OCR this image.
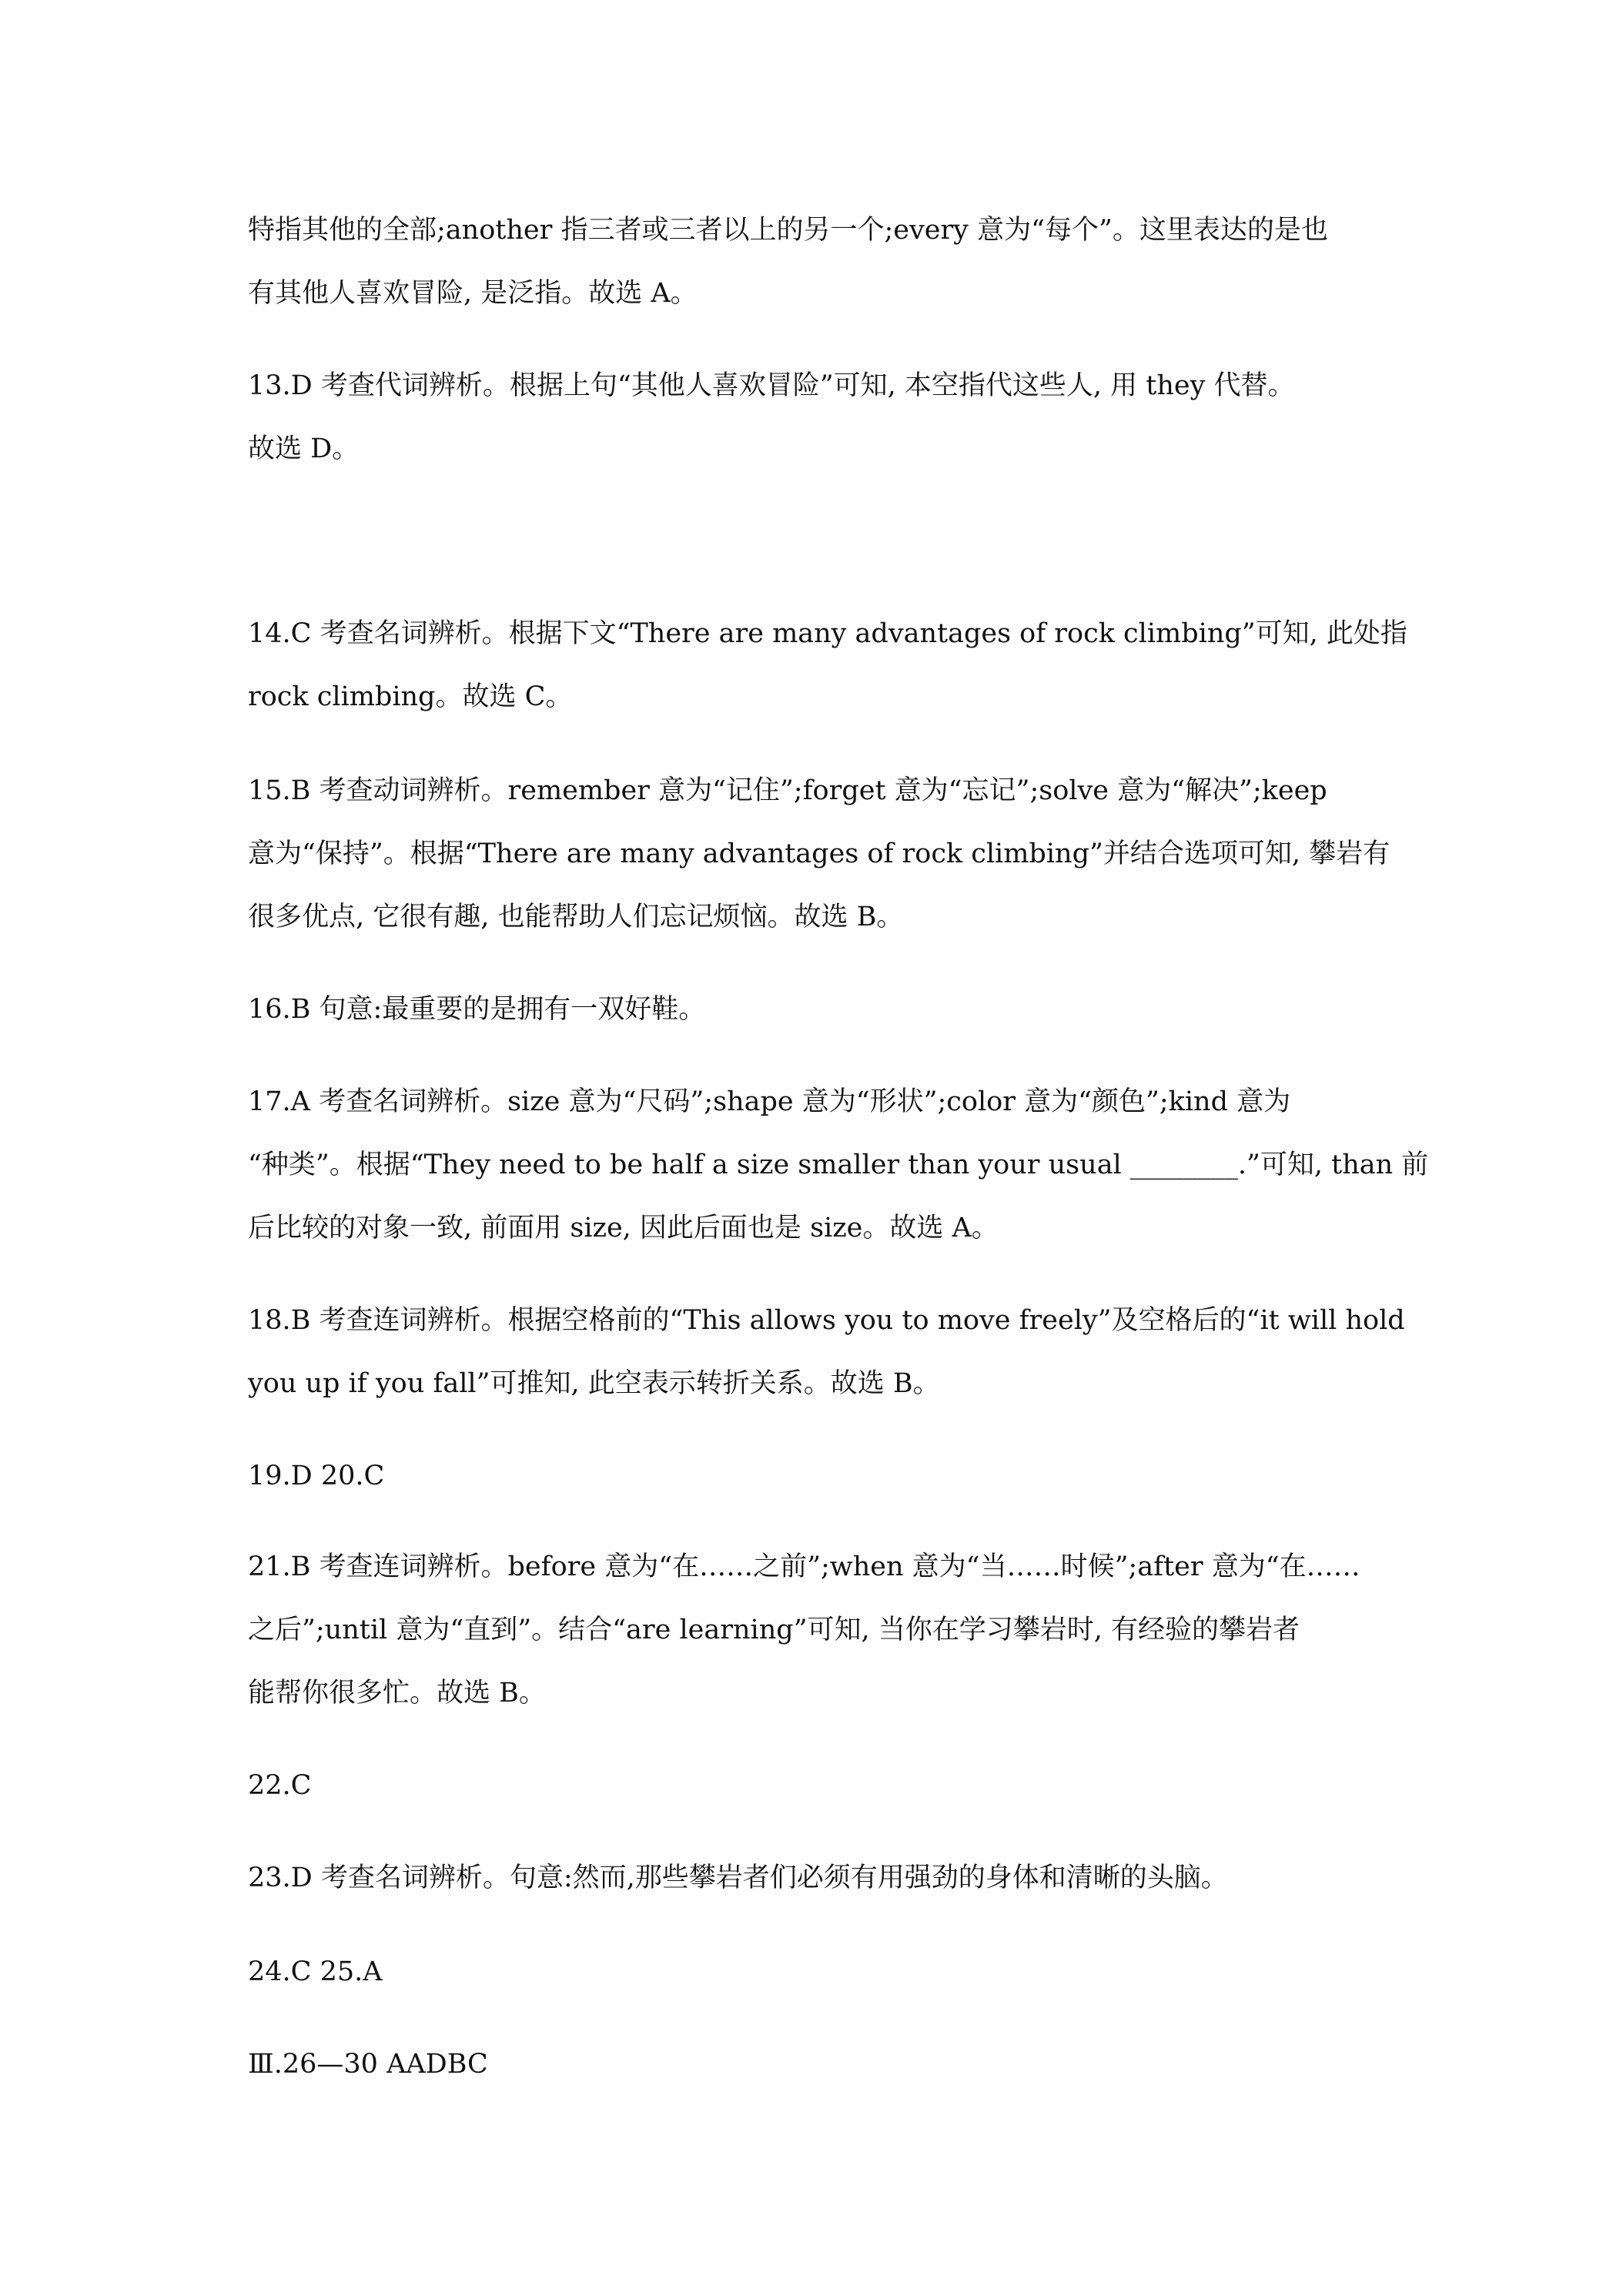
特指其他的全部;another 指三者或三者以上的另一个;every 意为“每个”。这里表达的是也
有其他人喜欢冒险, 是泛指。故选 A。
13.D 考查代词辨析。根据上句“其他人喜欢冒险”可知, 本空指代这些人, 用 they 代替。
故选 D。
14.C 考查名词辨析。根据下文“There are many advantages of rock climbing”可知, 此处指
rock climbing。故选 C。
15.B 考查动词辨析。remember 意为“记住”;forget 意为“忘记”;solve 意为“解决”;keep
意为“保持”。根据“There are many advantages of rock climbing”并结合选项可知, 攀岩有
很多优点, 它很有趣, 也能帮助人们忘记烦恼。故选 B。
16.B 句意:最重要的是拥有一双好鞋。
17.A 考查名词辨析。size 意为“尺码”;shape 意为“形状”;color 意为“颜色”;kind 意为
“种类”。根据“They need to be half a size smaller than your usual ________.”可知, than 前
后比较的对象一致, 前面用 size, 因此后面也是 size。故选 A。
18.B 考查连词辨析。根据空格前的“This allows you to move freely”及空格后的“it will hold
you up if you fall”可推知, 此空表示转折关系。故选 B。
19.D 20.C
21.B 考查连词辨析。before 意为“在……之前”;when 意为“当……时候”;after 意为“在……
之后”;until 意为“直到”。结合“are learning”可知, 当你在学习攀岩时, 有经验的攀岩者
能帮你很多忙。故选 B。
22.C
23.D 考查名词辨析。句意:然而,那些攀岩者们必须有用强劲的身体和清晰的头脑。
24.C 25.A
Ⅲ.26—30 AADBC
